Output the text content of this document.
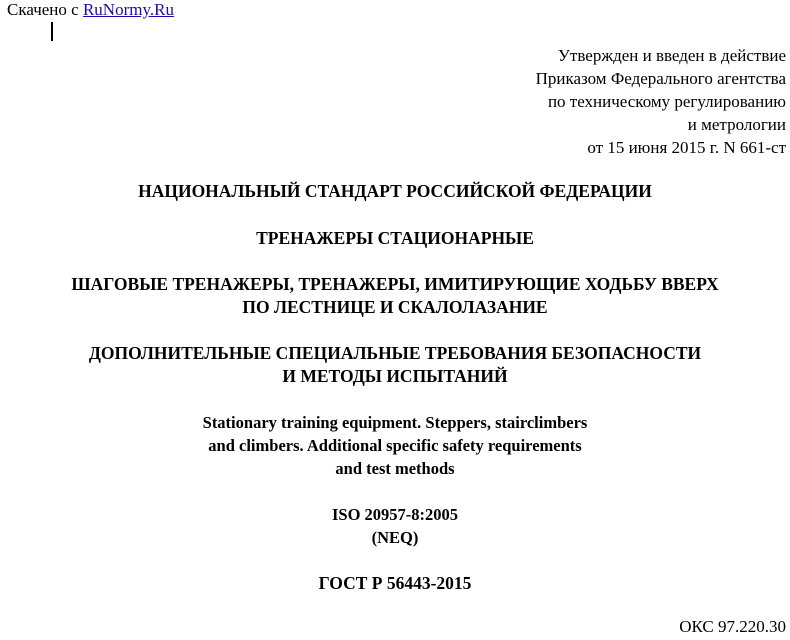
Скачено с RuNormy.Ru
Утвержден и введен в действие
Приказом Федерального агентства
по техническому регулированию
и метрологии
от 15 июня 2015 г. N 661-ст
НАЦИОНАЛЬНЫЙ СТАНДАРТ РОССИЙСКОЙ ФЕДЕРАЦИИ
ТРЕНАЖЕРЫ СТАЦИОНАРНЫЕ
ШАГОВЫЕ ТРЕНАЖЕРЫ, ТРЕНАЖЕРЫ, ИМИТИРУЮЩИЕ ХОДЬБУ ВВЕРХ
ПО ЛЕСТНИЦЕ И СКАЛОЛАЗАНИЕ
ДОПОЛНИТЕЛЬНЫЕ СПЕЦИАЛЬНЫЕ ТРЕБОВАНИЯ БЕЗОПАСНОСТИ
И МЕТОДЫ ИСПЫТАНИЙ
Stationary training equipment. Steppers, stairclimbers
and climbers. Additional specific safety requirements
and test methods
ISO 20957-8:2005
(NEQ)
ГОСТ Р 56443-2015
ОКС 97.220.30
